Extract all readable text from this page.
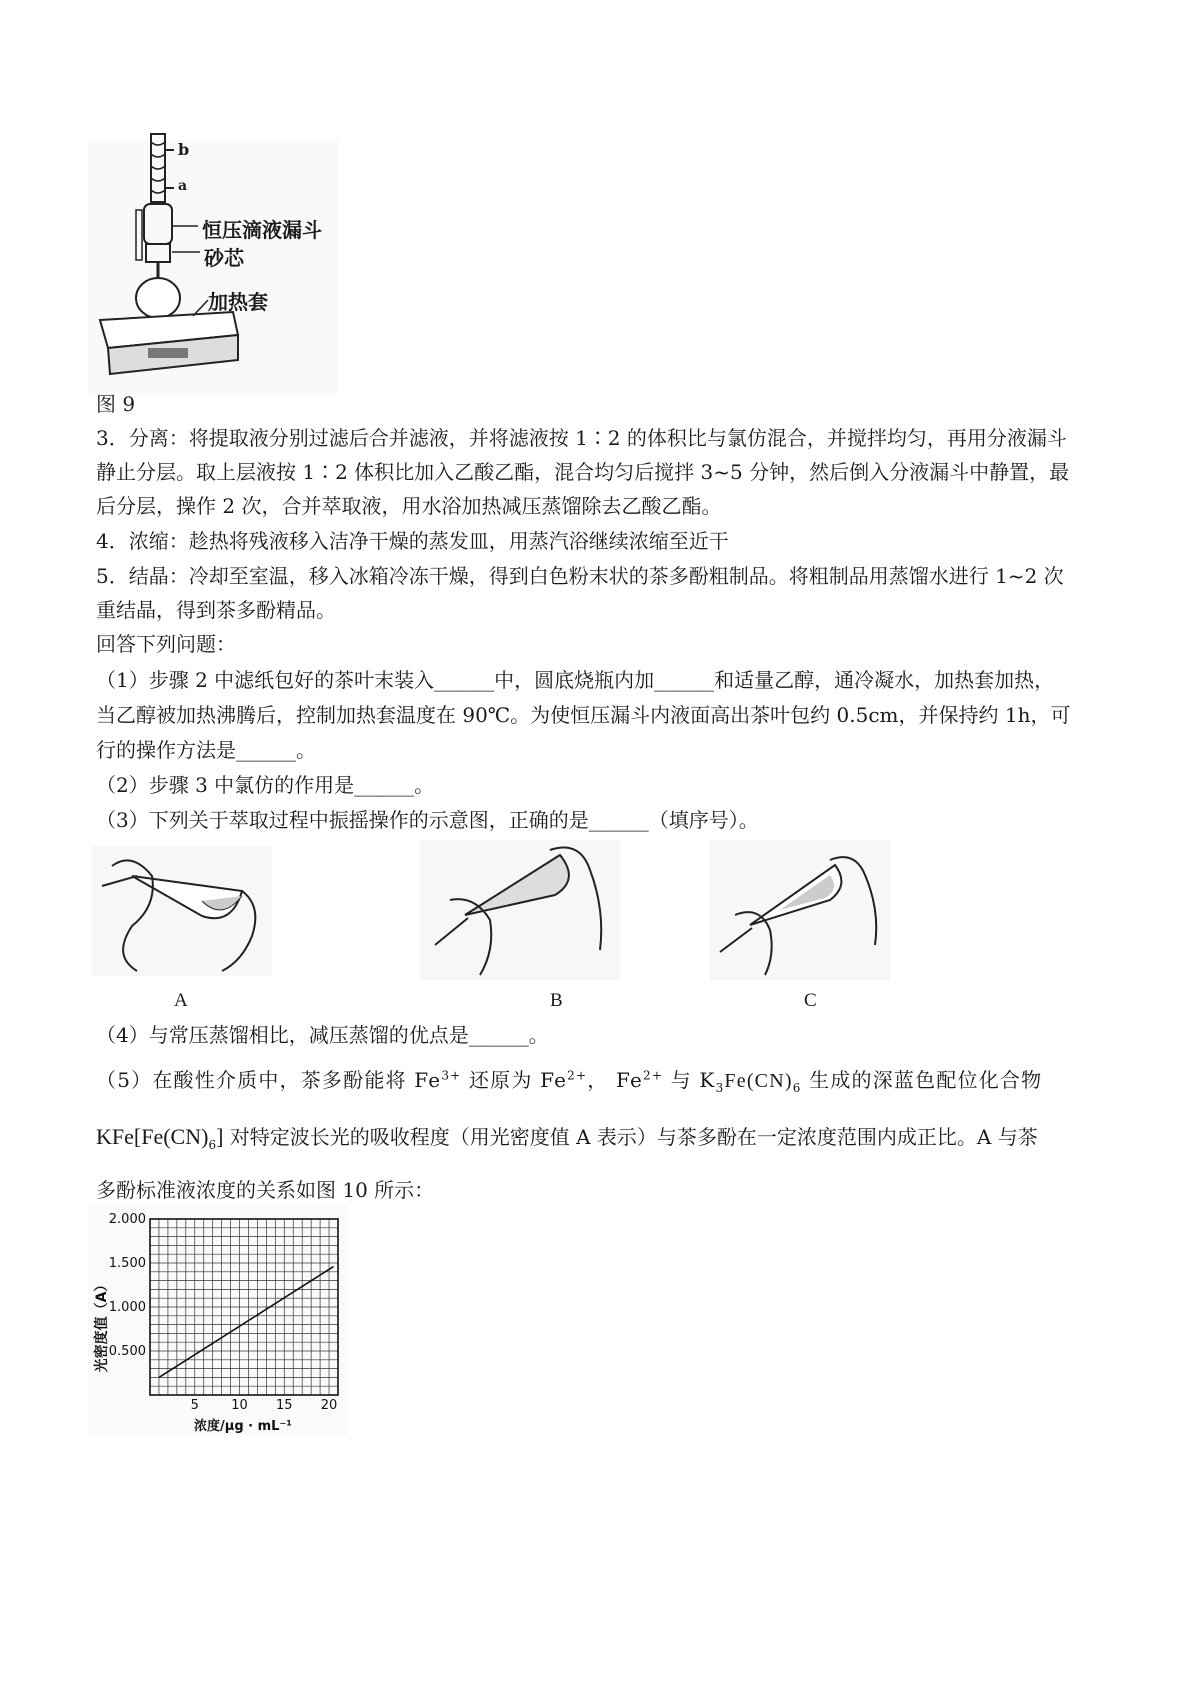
b
a
恒压滴液漏斗
砂芯
加热套
图 9
3．分离：将提取液分别过滤后合并滤液，并将滤液按 1∶2 的体积比与氯仿混合，并搅拌均匀，再用分液漏斗
静止分层。取上层液按 1∶2 体积比加入乙酸乙酯，混合均匀后搅拌 3~5 分钟，然后倒入分液漏斗中静置，最
后分层，操作 2 次，合并萃取液，用水浴加热减压蒸馏除去乙酸乙酯。
4．浓缩：趁热将残液移入洁净干燥的蒸发皿，用蒸汽浴继续浓缩至近干
5．结晶：冷却至室温，移入冰箱冷冻干燥，得到白色粉末状的茶多酚粗制品。将粗制品用蒸馏水进行 1~2 次
重结晶，得到茶多酚精品。
回答下列问题：
（1）步骤 2 中滤纸包好的茶叶末装入______中，圆底烧瓶内加______和适量乙醇，通冷凝水，加热套加热，
当乙醇被加热沸腾后，控制加热套温度在 90℃。为使恒压漏斗内液面高出茶叶包约 0.5cm，并保持约 1h，可
行的操作方法是______。
（2）步骤 3 中氯仿的作用是______。
（3）下列关于萃取过程中振摇操作的示意图，正确的是______（填序号）。
A	B	C
（4）与常压蒸馏相比，减压蒸馏的优点是______。
（5）在酸性介质中，茶多酚能将 $Fe^{3+}$ 还原为 $Fe^{2+}$， $Fe^{2+}$ 与 $K_3Fe(CN)_6$ 生成的深蓝色配位化合物
$KFe[Fe(CN)_6]$ 对特定波长光的吸收程度（用光密度值 A 表示）与茶多酚在一定浓度范围内成正比。A 与茶
多酚标准液浓度的关系如图 10 所示：
5 10 15 20
0.500
1.000
1.500
2.000
光密度值（A）
浓度/μg · mL⁻¹
